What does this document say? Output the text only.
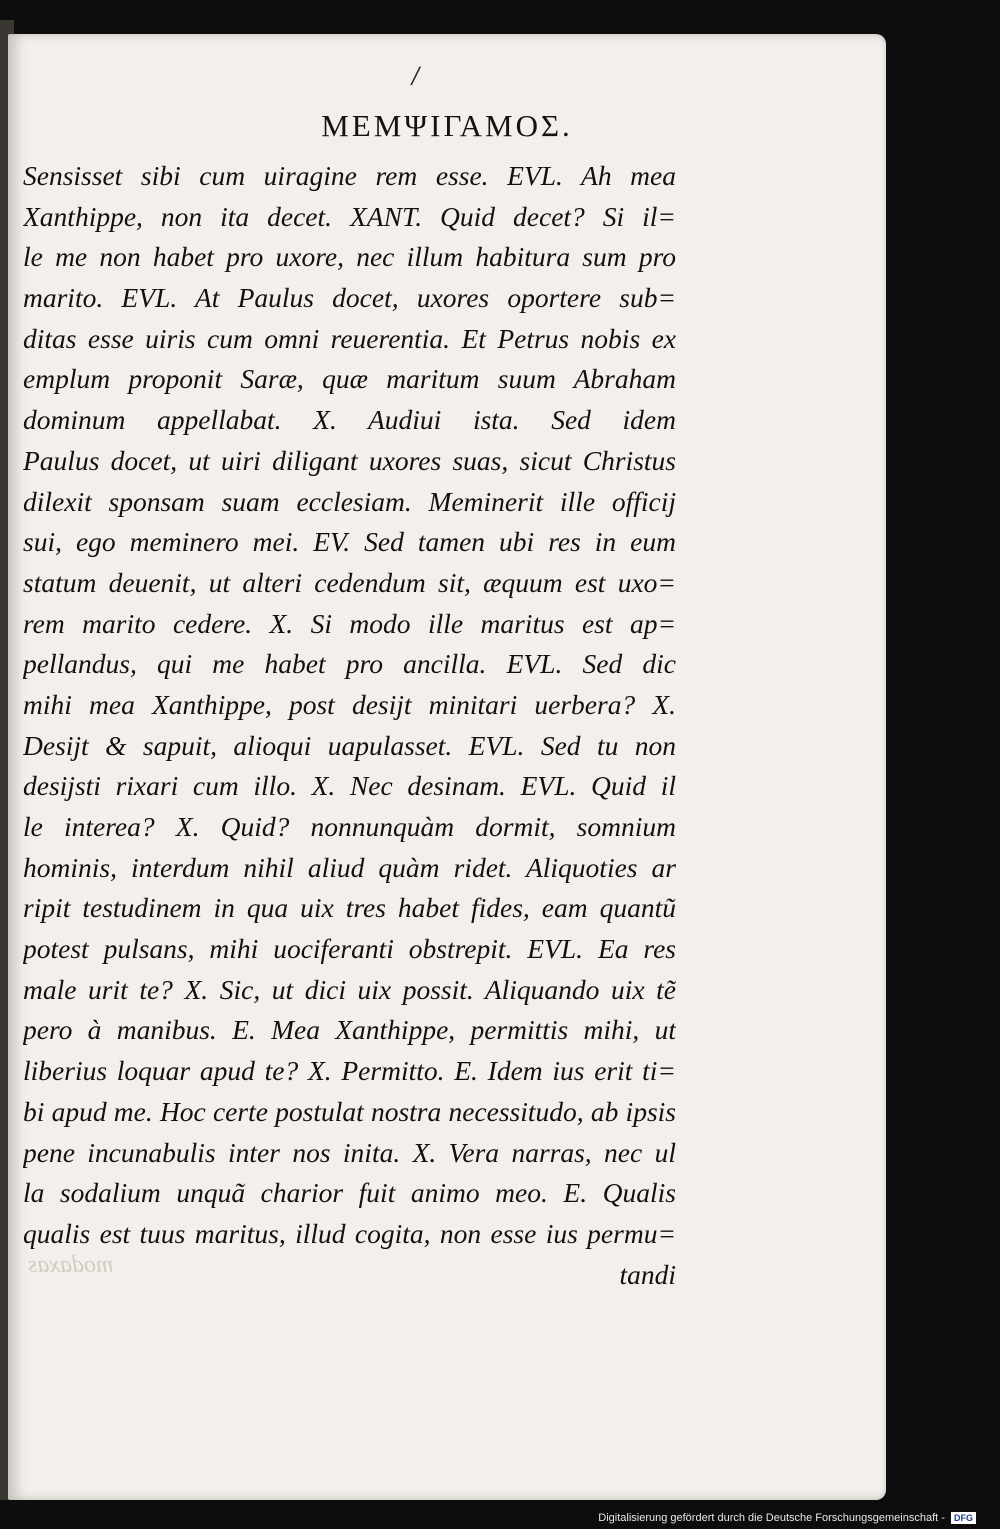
/
ΜΕΜΨΙΓΑΜΟΣ.
Sensisset sibi cum uiragine rem esse. EVL. Ah mea
Xanthippe, non ita decet. XANT. Quid decet? Si il=
le me non habet pro uxore, nec illum habitura sum pro
marito. EVL. At Paulus docet, uxores oportere sub=
ditas esse uiris cum omni reuerentia. Et Petrus nobis ex
emplum proponit Saræ, quæ maritum suum Abraham
dominum appellabat. X. Audiui ista. Sed idem
Paulus docet, ut uiri diligant uxores suas, sicut Christus
dilexit sponsam suam ecclesiam. Meminerit ille officij
sui, ego meminero mei. EV. Sed tamen ubi res in eum
statum deuenit, ut alteri cedendum sit, æquum est uxo=
rem marito cedere. X. Si modo ille maritus est ap=
pellandus, qui me habet pro ancilla. EVL. Sed dic
mihi mea Xanthippe, post desijt minitari uerbera? X.
Desijt & sapuit, alioqui uapulasset. EVL. Sed tu non
desijsti rixari cum illo. X. Nec desinam. EVL. Quid il
le interea? X. Quid? nonnunquàm dormit, somnium
hominis, interdum nihil aliud quàm ridet. Aliquoties ar
ripit testudinem in qua uix tres habet fides, eam quantũ
potest pulsans, mihi uociferanti obstrepit. EVL. Ea res
male urit te? X. Sic, ut dici uix possit. Aliquando uix tẽ
pero à manibus. E. Mea Xanthippe, permittis mihi, ut
liberius loquar apud te? X. Permitto. E. Idem ius erit ti=
bi apud me. Hoc certe postulat nostra necessitudo, ab ipsis
pene incunabulis inter nos inita. X. Vera narras, nec ul
la sodalium unquã charior fuit animo meo. E. Qualis
qualis est tuus maritus, illud cogita, non esse ius permu=
tandi
modaxas
Digitalisierung gefördert durch die Deutsche Forschungsgemeinschaft - DFG
